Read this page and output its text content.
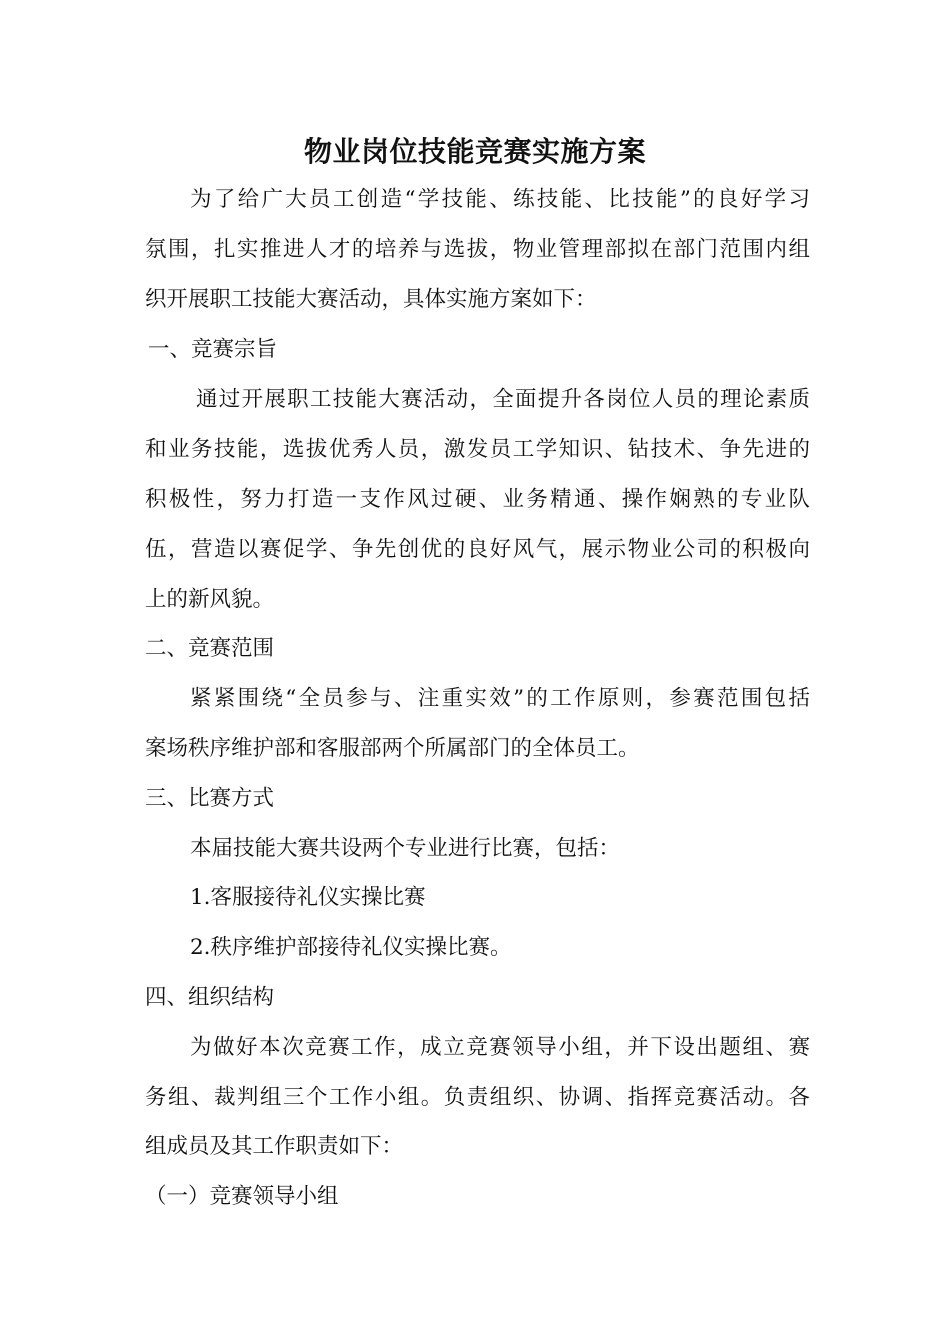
物业岗位技能竞赛实施方案
为了给广大员工创造“学技能、练技能、比技能”的良好学习
氛围，扎实推进人才的培养与选拔，物业管理部拟在部门范围内组
织开展职工技能大赛活动，具体实施方案如下：
一、竞赛宗旨
通过开展职工技能大赛活动，全面提升各岗位人员的理论素质
和业务技能，选拔优秀人员，激发员工学知识、钻技术、争先进的
积极性，努力打造一支作风过硬、业务精通、操作娴熟的专业队
伍，营造以赛促学、争先创优的良好风气，展示物业公司的积极向
上的新风貌。
二、竞赛范围
紧紧围绕“全员参与、注重实效”的工作原则，参赛范围包括
案场秩序维护部和客服部两个所属部门的全体员工。
三、比赛方式
本届技能大赛共设两个专业进行比赛，包括：
1.客服接待礼仪实操比赛
2.秩序维护部接待礼仪实操比赛。
四、组织结构
为做好本次竞赛工作，成立竞赛领导小组，并下设出题组、赛
务组、裁判组三个工作小组。负责组织、协调、指挥竞赛活动。各
组成员及其工作职责如下：
（一）竞赛领导小组
